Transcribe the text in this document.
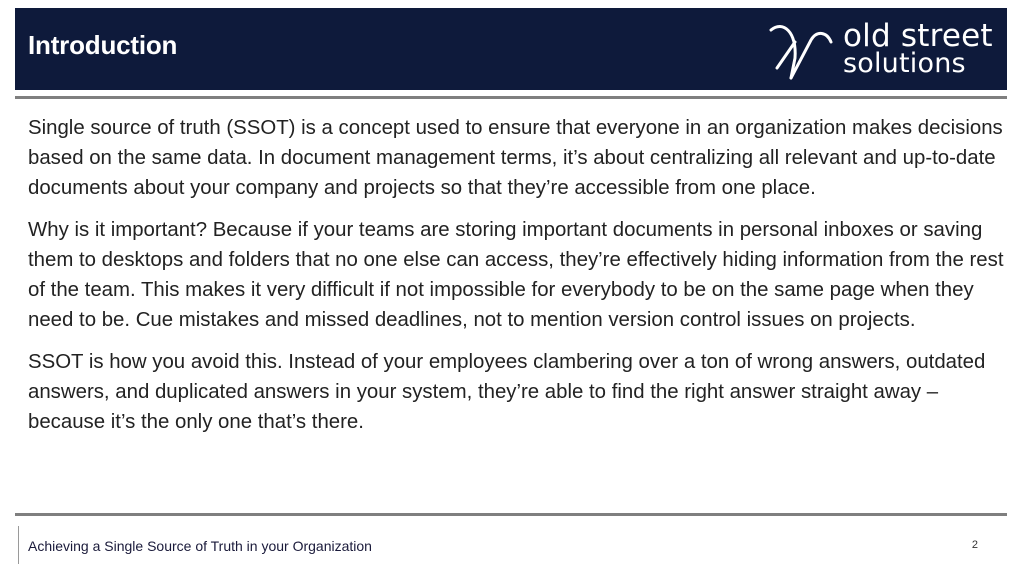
Introduction	old street
solutions

Single source of truth (SSOT) is a concept used to ensure that everyone in an organization makes decisions based on the same data. In document management terms, it’s about centralizing all relevant and up-to-date documents about your company and projects so that they’re accessible from one place.

Why is it important? Because if your teams are storing important documents in personal inboxes or saving them to desktops and folders that no one else can access, they’re effectively hiding information from the rest of the team. This makes it very difficult if not impossible for everybody to be on the same page when they need to be. Cue mistakes and missed deadlines, not to mention version control issues on projects.

SSOT is how you avoid this. Instead of your employees clambering over a ton of wrong answers, outdated answers, and duplicated answers in your system, they’re able to find the right answer straight away – because it’s the only one that’s there.

Achieving a Single Source of Truth in your Organization	2
